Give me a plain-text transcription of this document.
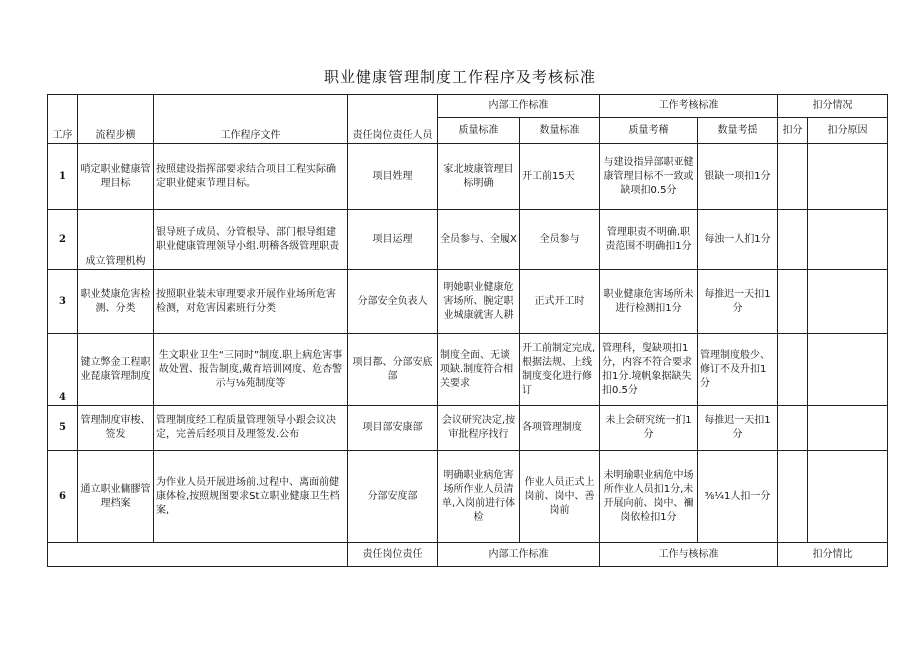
职业健康管理制度工作程序及考核标准
工序	流程步横	工作程序文件	责任岗位责任人员	内部工作标准		工作考核标准		扣分情况	
				质量标准	数量标准	质量考稽	数量考揺	扣分	扣分原因
1	哨定职业健康管理目标	按照建设指挥部要求结合项目工程实际确定职业健束节理目标。	项目姓理	家北坡康管理目标明确	开工前15天	与建设指异部职亚健康管理目标不一致或缺项扣0.5分	银缺一项扣1分		
2	成立管理机构	银导班子成员、分管根导、部门根导组建职业健康管理领导小组.明稽各级管理职责	项目运理	全员参与、全履X	全员参与	管理职责不明确.职责范围不明确扣1分	每浊一人扪1分		
3	职业焚康危害检测、分类	按照职业装未审理要求开展作业场所危害检测，对危害因素班行分类	分部安全负表人	明她职业健康危害场所、腕定职业城康就害人耕	正式开工时	职业健康危害场所未进行检测扣1分	每推迟一天扣1分		
4	键立弊金工程职业琵康管理制度	生文职业卫生“三同时”制度.职上病危害事故处置、报告制度,戴育培训网度、危杏警示与⅛苑制度等	项目都、分部安底部	制度全面、无谈项缺.制度符合相关要求	开工前制定完成,根据法规、上线制度变化进行修订	管理科，叟缺项扣1分，内容不符合要求扣1分.境帆象据缺失扣0.5分	管理制度般少、修订不及升扣1分		
5	管理制度审梭、签发	管理制度经工程质量管理领导小跟会议决定，完善后经项目及理签发.公布	项目部安康部	会议研究决定,按审批程序找行	各项管理制度	未上会研究统一扪1分	每推迟一天扣1分		
6	通立职业傭膠管理档案	为作业人员开展进场前.过程中、离面前健康体检,按照规图要求St立职业健康卫生档案,	分部安度部	明确职业病危害场所作业人员清单,入岗前进行体检	作业人员正式上岗前、岗中、善岗前	未明瑜职业病危中场所作业人员扣1分,未开展向前、岗中、禰岗依检扣1分	⅜¼1人扣一分		
			责任岗位责任	内部工作标准		工作与核标准		扣分情比	
